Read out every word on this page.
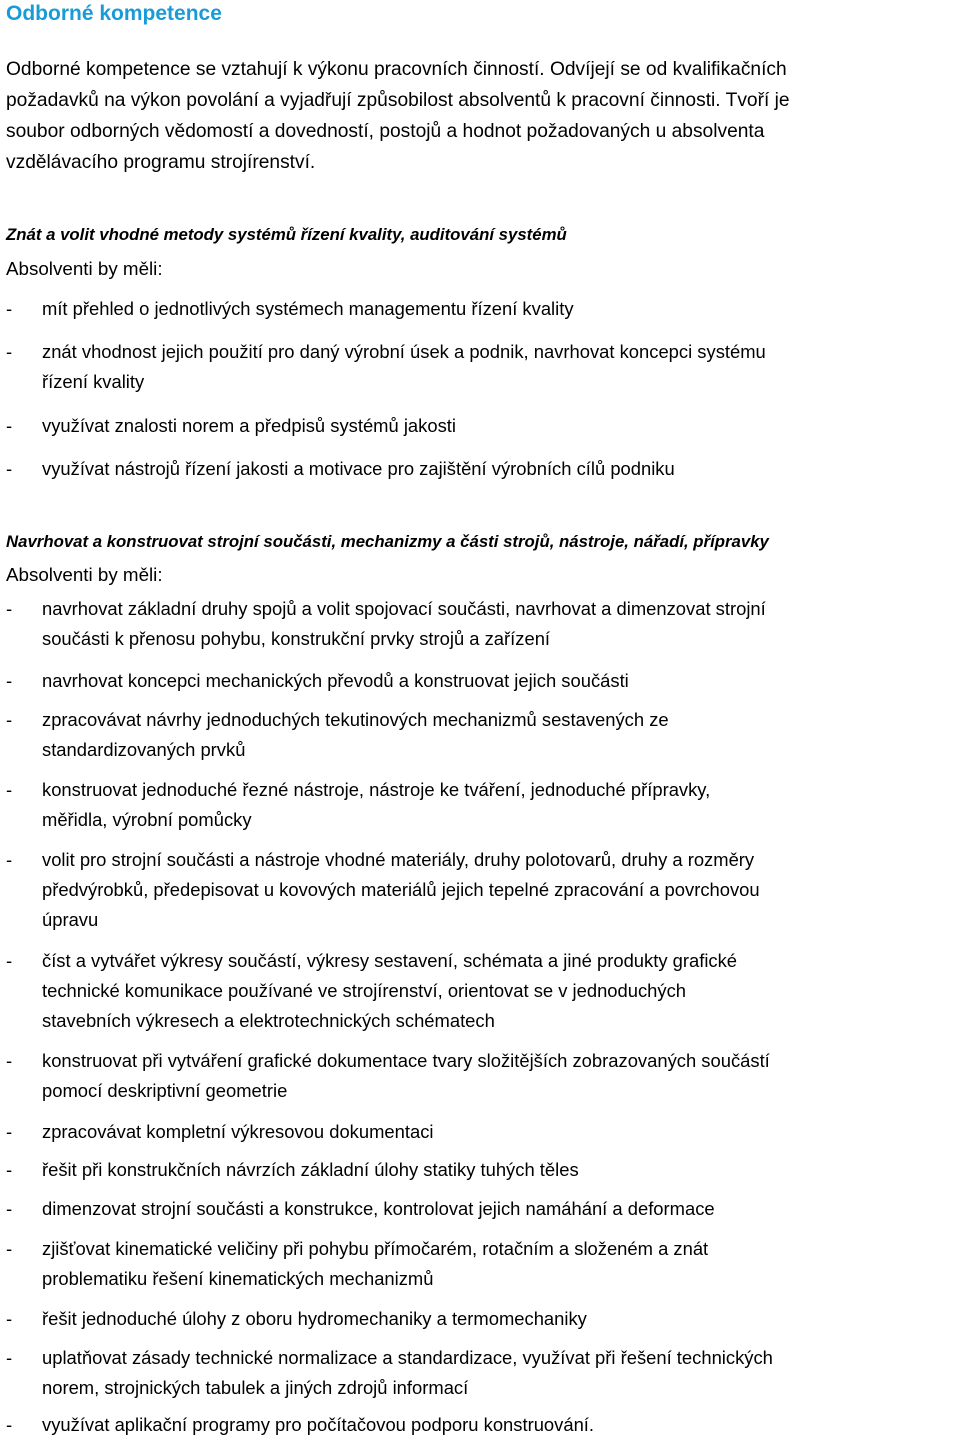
Odborné kompetence
Odborné kompetence se vztahují k výkonu pracovních činností. Odvíjejí se od kvalifikačních
požadavků na výkon povolání a vyjadřují způsobilost absolventů k pracovní činnosti. Tvoří je
soubor odborných vědomostí a dovedností, postojů a hodnot požadovaných u absolventa
vzdělávacího programu strojírenství.
Znát a volit vhodné metody systémů řízení kvality, auditování systémů
Absolventi by měli:
-	mít přehled o jednotlivých systémech managementu řízení kvality
-	znát vhodnost jejich použití pro daný výrobní úsek a podnik, navrhovat koncepci systému
řízení kvality
-	využívat znalosti norem a předpisů systémů jakosti
-	využívat nástrojů řízení jakosti a motivace pro zajištění výrobních cílů podniku
Navrhovat a konstruovat strojní součásti, mechanizmy a části strojů, nástroje, nářadí, přípravky
Absolventi by měli:
-	navrhovat základní druhy spojů a volit spojovací součásti, navrhovat a dimenzovat strojní
součásti k přenosu pohybu, konstrukční prvky strojů a zařízení
-	navrhovat koncepci mechanických převodů a konstruovat jejich součásti
-	zpracovávat návrhy jednoduchých tekutinových mechanizmů sestavených ze
standardizovaných prvků
-	konstruovat jednoduché řezné nástroje, nástroje ke tváření, jednoduché přípravky,
měřidla, výrobní pomůcky
-	volit pro strojní součásti a nástroje vhodné materiály, druhy polotovarů, druhy a rozměry
předvýrobků, předepisovat u kovových materiálů jejich tepelné zpracování a povrchovou
úpravu
-	číst a vytvářet výkresy součástí, výkresy sestavení, schémata a jiné produkty grafické
technické komunikace používané ve strojírenství, orientovat se v jednoduchých
stavebních výkresech a elektrotechnických schématech
-	konstruovat při vytváření grafické dokumentace tvary složitějších zobrazovaných součástí
pomocí deskriptivní geometrie
-	zpracovávat kompletní výkresovou dokumentaci
-	řešit při konstrukčních návrzích základní úlohy statiky tuhých těles
-	dimenzovat strojní součásti a konstrukce, kontrolovat jejich namáhání a deformace
-	zjišťovat kinematické veličiny při pohybu přímočarém, rotačním a složeném a znát
problematiku řešení kinematických mechanizmů
-	řešit jednoduché úlohy z oboru hydromechaniky a termomechaniky
-	uplatňovat zásady technické normalizace a standardizace, využívat při řešení technických
norem, strojnických tabulek a jiných zdrojů informací
-	využívat aplikační programy pro počítačovou podporu konstruování.
